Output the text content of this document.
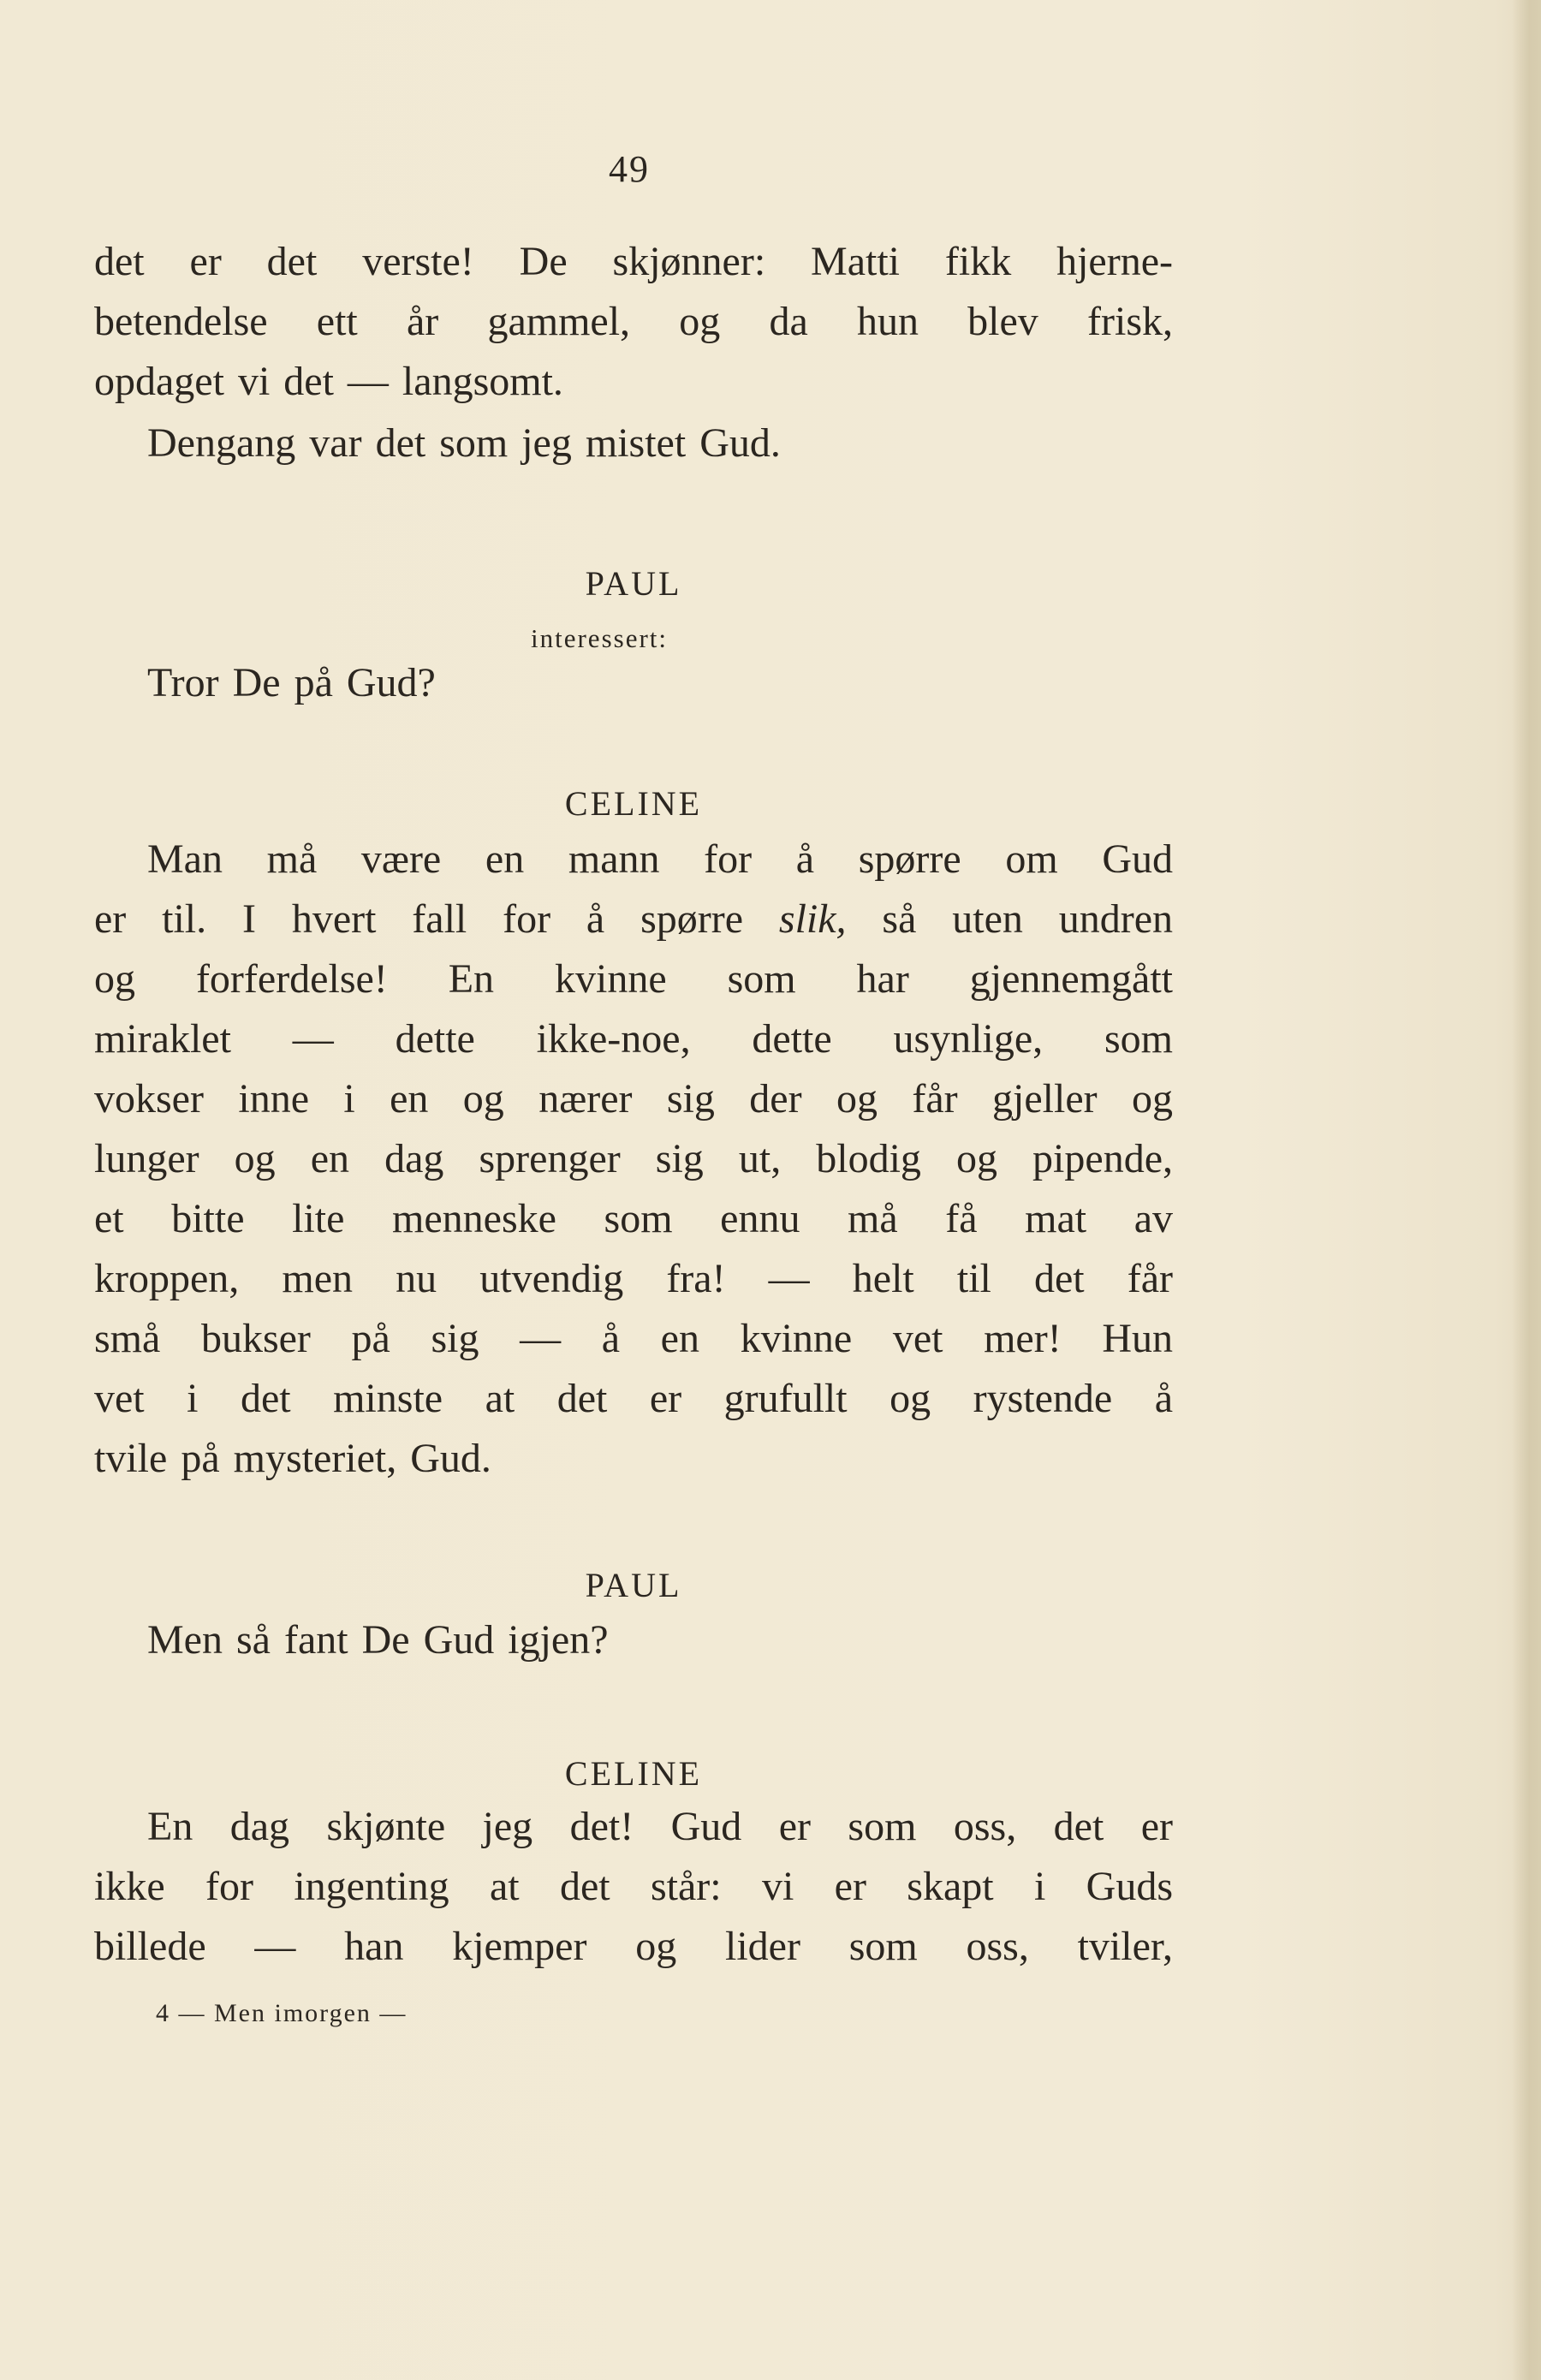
49
det er det verste! De skjønner: Matti fikk hjerne-
betendelse ett år gammel, og da hun blev frisk,
opdaget vi det — langsomt.
Dengang var det som jeg mistet Gud.
PAUL
interessert:
Tror De på Gud?
CELINE
Man må være en mann for å spørre om Gud
er til. I hvert fall for å spørre slik, så uten undren
og forferdelse! En kvinne som har gjennemgått
miraklet — dette ikke-noe, dette usynlige, som
vokser inne i en og nærer sig der og får gjeller og
lunger og en dag sprenger sig ut, blodig og pipende,
et bitte lite menneske som ennu må få mat av
kroppen, men nu utvendig fra! — helt til det får
små bukser på sig — å en kvinne vet mer! Hun
vet i det minste at det er grufullt og rystende å
tvile på mysteriet, Gud.
PAUL
Men så fant De Gud igjen?
CELINE
En dag skjønte jeg det! Gud er som oss, det er
ikke for ingenting at det står: vi er skapt i Guds
billede — han kjemper og lider som oss, tviler,
4 — Men imorgen —
